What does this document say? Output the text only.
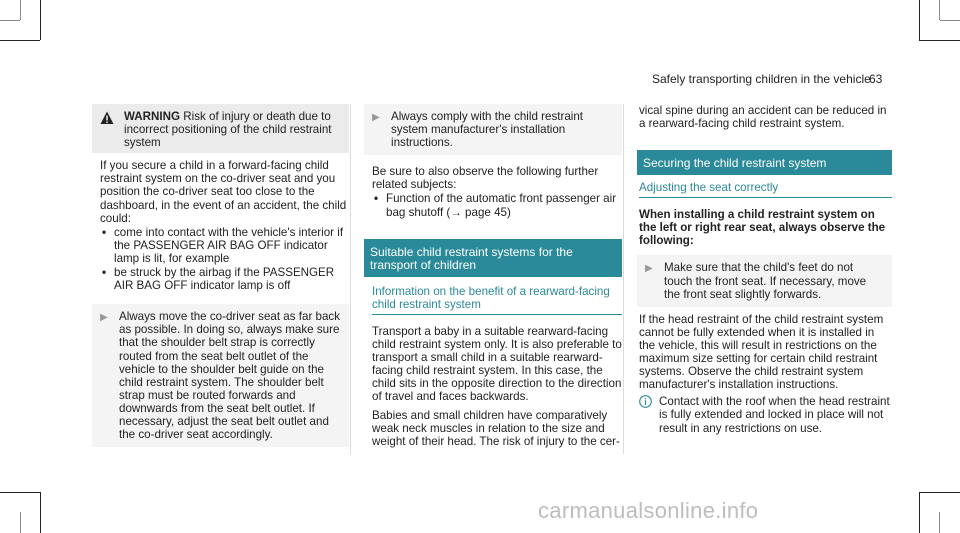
Safely transporting children in the vehicle
63
WARNING Risk of injury or death due to incorrect positioning of the child restraint system

If you secure a child in a forward-facing child restraint system on the co-driver seat and you position the co-driver seat too close to the dashboard, in the event of an accident, the child could:

• come into contact with the vehicle's interior if the PASSENGER AIR BAG OFF indicator lamp is lit, for example
• be struck by the airbag if the PASSENGER AIR BAG OFF indicator lamp is off
▶ Always move the co-driver seat as far back as possible. In doing so, always make sure that the shoulder belt strap is correctly routed from the seat belt outlet of the vehicle to the shoulder belt guide on the child restraint system. The shoulder belt strap must be routed forwards and downwards from the seat belt outlet. If necessary, adjust the seat belt outlet and the co-driver seat accordingly.
▶ Always comply with the child restraint system manufacturer's installation instructions.

Be sure to also observe the following further related subjects:

• Function of the automatic front passenger air bag shutoff (→ page 45)
Suitable child restraint systems for the transport of children
Information on the benefit of a rearward-facing child restraint system

Transport a baby in a suitable rearward-facing child restraint system only. It is also preferable to transport a small child in a suitable rearward-facing child restraint system. In this case, the child sits in the opposite direction to the direction of travel and faces backwards.

Babies and small children have comparatively weak neck muscles in relation to the size and weight of their head. The risk of injury to the cer-

vical spine during an accident can be reduced in a rearward-facing child restraint system.

Securing the child restraint system
Adjusting the seat correctly

When installing a child restraint system on the left or right rear seat, always observe the following:

▶ Make sure that the child's feet do not touch the front seat. If necessary, move the front seat slightly forwards.

If the head restraint of the child restraint system cannot be fully extended when it is installed in the vehicle, this will result in restrictions on the maximum size setting for certain child restraint systems. Observe the child restraint system manufacturer's installation instructions.

Contact with the roof when the head restraint is fully extended and locked in place will not result in any restrictions on use.
carmanualsonline.info
